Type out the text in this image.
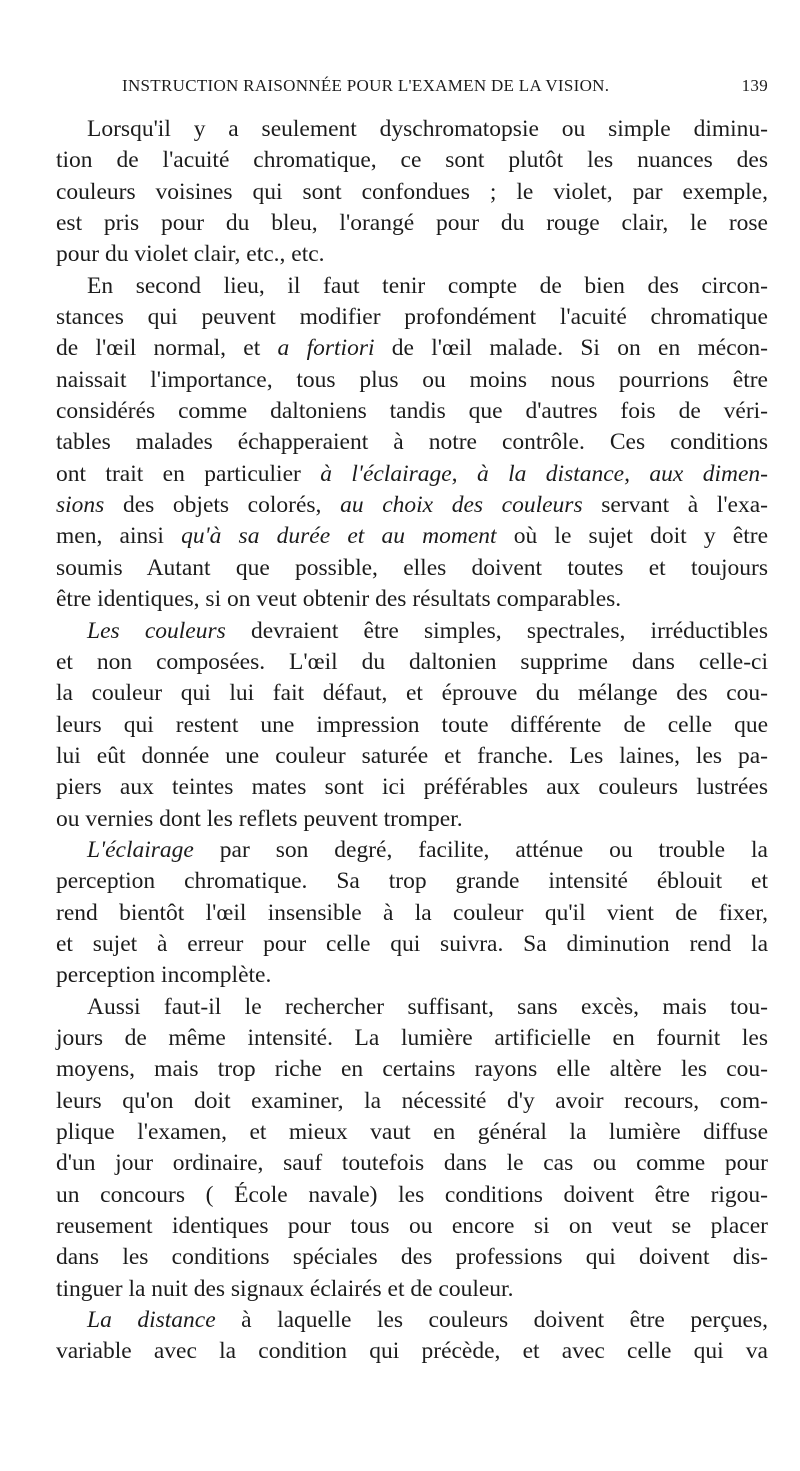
INSTRUCTION RAISONNÉE POUR L'EXAMEN DE LA VISION.	139
Lorsqu'il y a seulement dyschromatopsie ou simple diminu-
tion de l'acuité chromatique, ce sont plutôt les nuances des
couleurs voisines qui sont confondues ; le violet, par exemple,
est pris pour du bleu, l'orangé pour du rouge clair, le rose
pour du violet clair, etc., etc.
En second lieu, il faut tenir compte de bien des circon-
stances qui peuvent modifier profondément l'acuité chromatique
de l'œil normal, et a fortiori de l'œil malade. Si on en mécon-
naissait l'importance, tous plus ou moins nous pourrions être
considérés comme daltoniens tandis que d'autres fois de véri-
tables malades échapperaient à notre contrôle. Ces conditions
ont trait en particulier à l'éclairage, à la distance, aux dimen-
sions des objets colorés, au choix des couleurs servant à l'exa-
men, ainsi qu'à sa durée et au moment où le sujet doit y être
soumis Autant que possible, elles doivent toutes et toujours
être identiques, si on veut obtenir des résultats comparables.
Les couleurs devraient être simples, spectrales, irréductibles
et non composées. L'œil du daltonien supprime dans celle-ci
la couleur qui lui fait défaut, et éprouve du mélange des cou-
leurs qui restent une impression toute différente de celle que
lui eût donnée une couleur saturée et franche. Les laines, les pa-
piers aux teintes mates sont ici préférables aux couleurs lustrées
ou vernies dont les reflets peuvent tromper.
L'éclairage par son degré, facilite, atténue ou trouble la
perception chromatique. Sa trop grande intensité éblouit et
rend bientôt l'œil insensible à la couleur qu'il vient de fixer,
et sujet à erreur pour celle qui suivra. Sa diminution rend la
perception incomplète.
Aussi faut-il le rechercher suffisant, sans excès, mais tou-
jours de même intensité. La lumière artificielle en fournit les
moyens, mais trop riche en certains rayons elle altère les cou-
leurs qu'on doit examiner, la nécessité d'y avoir recours, com-
plique l'examen, et mieux vaut en général la lumière diffuse
d'un jour ordinaire, sauf toutefois dans le cas ou comme pour
un concours ( École navale) les conditions doivent être rigou-
reusement identiques pour tous ou encore si on veut se placer
dans les conditions spéciales des professions qui doivent dis-
tinguer la nuit des signaux éclairés et de couleur.
La distance à laquelle les couleurs doivent être perçues,
variable avec la condition qui précède, et avec celle qui va
